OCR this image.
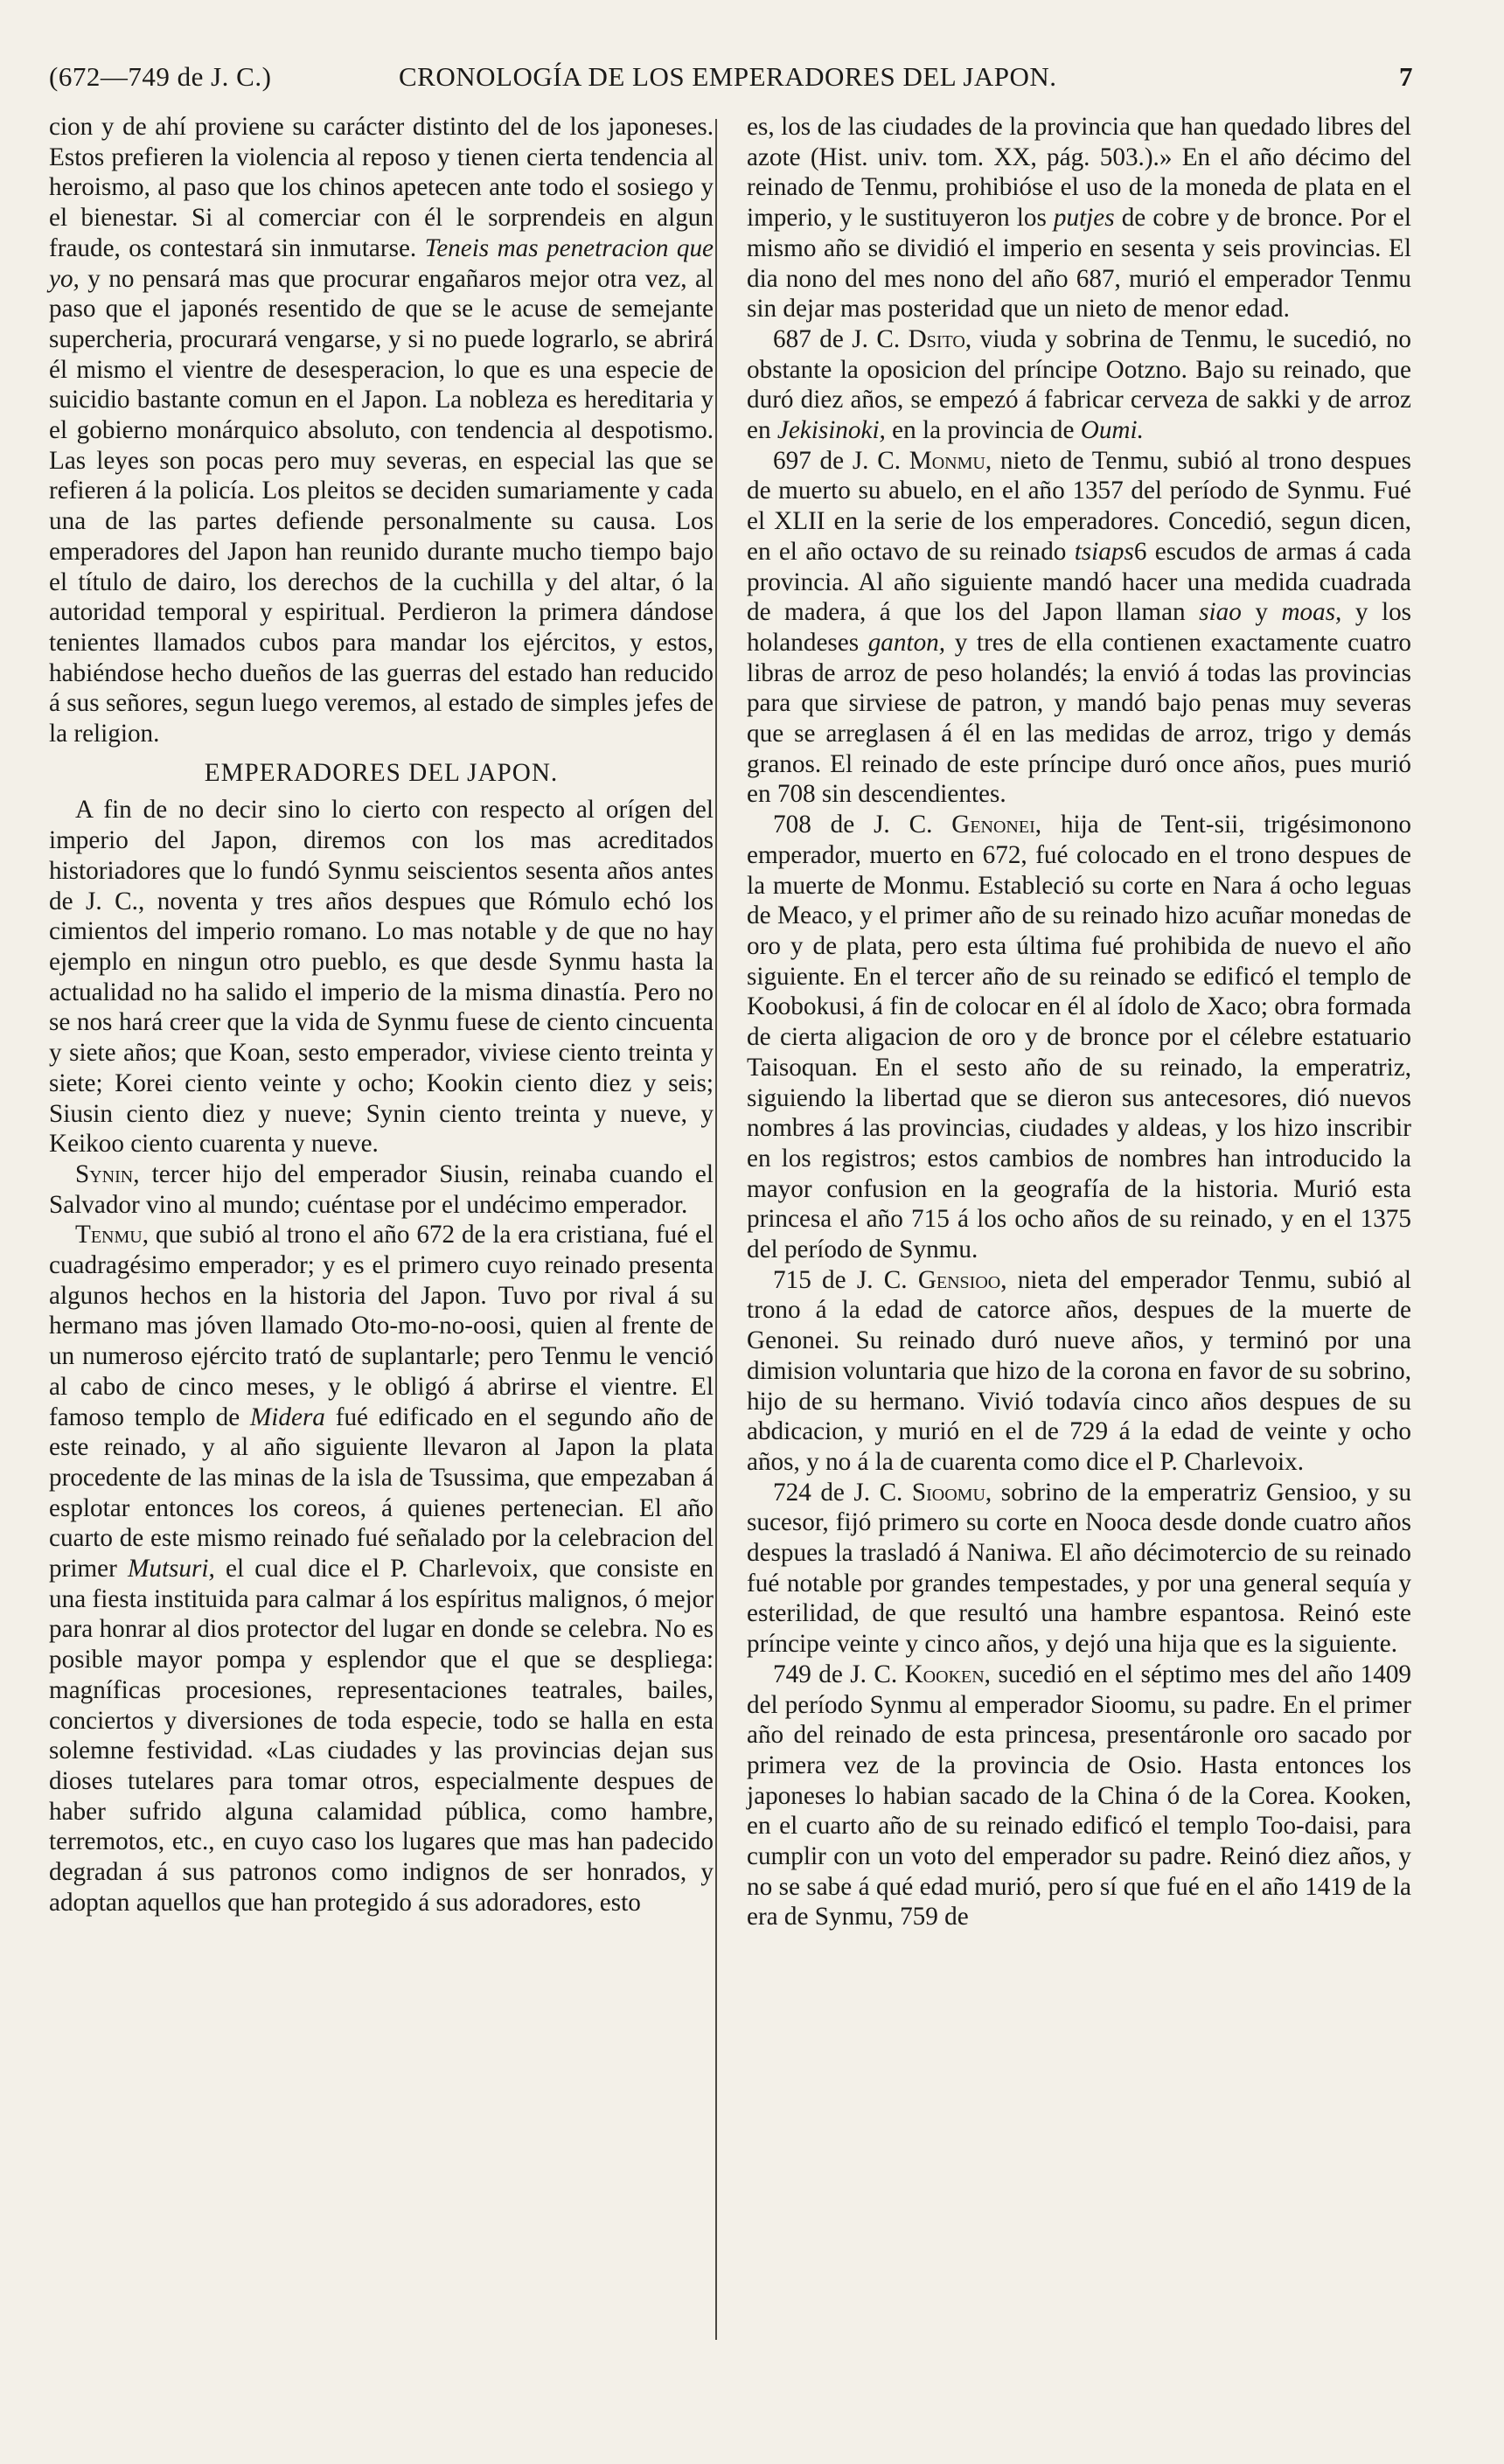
(672—749 de J. C.)	CRONOLOGÍA DE LOS EMPERADORES DEL JAPON.	7

cion y de ahí proviene su carácter distinto del de los japoneses. Estos prefieren la violencia al reposo y tienen cierta tendencia al heroismo, al paso que los chinos apetecen ante todo el sosiego y el bienestar. Si al comerciar con él le sorprendeis en algun fraude, os contestará sin inmutarse. Teneis mas penetracion que yo, y no pensará mas que procurar engañaros mejor otra vez, al paso que el japonés resentido de que se le acuse de semejante supercheria, procurará vengarse, y si no puede lograrlo, se abrirá él mismo el vientre de desesperacion, lo que es una especie de suicidio bastante comun en el Japon. La nobleza es hereditaria y el gobierno monárquico absoluto, con tendencia al despotismo. Las leyes son pocas pero muy severas, en especial las que se refieren á la policía. Los pleitos se deciden sumariamente y cada una de las partes defiende personalmente su causa. Los emperadores del Japon han reunido durante mucho tiempo bajo el título de dairo, los derechos de la cuchilla y del altar, ó la autoridad temporal y espiritual. Perdieron la primera dándose tenientes llamados cubos para mandar los ejércitos, y estos, habiéndose hecho dueños de las guerras del estado han reducido á sus señores, segun luego veremos, al estado de simples jefes de la religion.

EMPERADORES DEL JAPON.

A fin de no decir sino lo cierto con respecto al orígen del imperio del Japon, diremos con los mas acreditados historiadores que lo fundó Synmu seiscientos sesenta años antes de J. C., noventa y tres años despues que Rómulo echó los cimientos del imperio romano. Lo mas notable y de que no hay ejemplo en ningun otro pueblo, es que desde Synmu hasta la actualidad no ha salido el imperio de la misma dinastía. Pero no se nos hará creer que la vida de Synmu fuese de ciento cincuenta y siete años; que Koan, sesto emperador, viviese ciento treinta y siete; Korei ciento veinte y ocho; Kookin ciento diez y seis; Siusin ciento diez y nueve; Synin ciento treinta y nueve, y Keikoo ciento cuarenta y nueve.

Synin, tercer hijo del emperador Siusin, reinaba cuando el Salvador vino al mundo; cuéntase por el undécimo emperador.

Tenmu, que subió al trono el año 672 de la era cristiana, fué el cuadragésimo emperador; y es el primero cuyo reinado presenta algunos hechos en la historia del Japon. Tuvo por rival á su hermano mas jóven llamado Oto-mo-no-oosi, quien al frente de un numeroso ejército trató de suplantarle; pero Tenmu le venció al cabo de cinco meses, y le obligó á abrirse el vientre. El famoso templo de Midera fué edificado en el segundo año de este reinado, y al año siguiente llevaron al Japon la plata procedente de las minas de la isla de Tsussima, que empezaban á esplotar entonces los coreos, á quienes pertenecian. El año cuarto de este mismo reinado fué señalado por la celebracion del primer Mutsuri, el cual dice el P. Charlevoix, que consiste en una fiesta instituida para calmar á los espíritus malignos, ó mejor para honrar al dios protector del lugar en donde se celebra. No es posible mayor pompa y esplendor que el que se despliega: magníficas procesiones, representaciones teatrales, bailes, conciertos y diversiones de toda especie, todo se halla en esta solemne festividad. «Las ciudades y las provincias dejan sus dioses tutelares para tomar otros, especialmente despues de haber sufrido alguna calamidad pública, como hambre, terremotos, etc., en cuyo caso los lugares que mas han padecido degradan á sus patronos como indignos de ser honrados, y adoptan aquellos que han protegido á sus adoradores, esto

es, los de las ciudades de la provincia que han quedado libres del azote (Hist. univ. tom. XX, pág. 503.).» En el año décimo del reinado de Tenmu, prohibióse el uso de la moneda de plata en el imperio, y le sustituyeron los putjes de cobre y de bronce. Por el mismo año se dividió el imperio en sesenta y seis provincias. El dia nono del mes nono del año 687, murió el emperador Tenmu sin dejar mas posteridad que un nieto de menor edad.

687 de J. C. Dsito, viuda y sobrina de Tenmu, le sucedió, no obstante la oposicion del príncipe Ootzno. Bajo su reinado, que duró diez años, se empezó á fabricar cerveza de sakki y de arroz en Jekisinoki, en la provincia de Oumi.

697 de J. C. Monmu, nieto de Tenmu, subió al trono despues de muerto su abuelo, en el año 1357 del período de Synmu. Fué el XLII en la serie de los emperadores. Concedió, segun dicen, en el año octavo de su reinado tsiaps6 escudos de armas á cada provincia. Al año siguiente mandó hacer una medida cuadrada de madera, á que los del Japon llaman siao y moas, y los holandeses ganton, y tres de ella contienen exactamente cuatro libras de arroz de peso holandés; la envió á todas las provincias para que sirviese de patron, y mandó bajo penas muy severas que se arreglasen á él en las medidas de arroz, trigo y demás granos. El reinado de este príncipe duró once años, pues murió en 708 sin descendientes.

708 de J. C. Genonei, hija de Tent-sii, trigésimonono emperador, muerto en 672, fué colocado en el trono despues de la muerte de Monmu. Estableció su corte en Nara á ocho leguas de Meaco, y el primer año de su reinado hizo acuñar monedas de oro y de plata, pero esta última fué prohibida de nuevo el año siguiente. En el tercer año de su reinado se edificó el templo de Koobokusi, á fin de colocar en él al ídolo de Xaco; obra formada de cierta aligacion de oro y de bronce por el célebre estatuario Taisoquan. En el sesto año de su reinado, la emperatriz, siguiendo la libertad que se dieron sus antecesores, dió nuevos nombres á las provincias, ciudades y aldeas, y los hizo inscribir en los registros; estos cambios de nombres han introducido la mayor confusion en la geografía de la historia. Murió esta princesa el año 715 á los ocho años de su reinado, y en el 1375 del período de Synmu.

715 de J. C. Gensioo, nieta del emperador Tenmu, subió al trono á la edad de catorce años, despues de la muerte de Genonei. Su reinado duró nueve años, y terminó por una dimision voluntaria que hizo de la corona en favor de su sobrino, hijo de su hermano. Vivió todavía cinco años despues de su abdicacion, y murió en el de 729 á la edad de veinte y ocho años, y no á la de cuarenta como dice el P. Charlevoix.

724 de J. C. Sioomu, sobrino de la emperatriz Gensioo, y su sucesor, fijó primero su corte en Nooca desde donde cuatro años despues la trasladó á Naniwa. El año décimotercio de su reinado fué notable por grandes tempestades, y por una general sequía y esterilidad, de que resultó una hambre espantosa. Reinó este príncipe veinte y cinco años, y dejó una hija que es la siguiente.

749 de J. C. Kooken, sucedió en el séptimo mes del año 1409 del período Synmu al emperador Sioomu, su padre. En el primer año del reinado de esta princesa, presentáronle oro sacado por primera vez de la provincia de Osio. Hasta entonces los japoneses lo habian sacado de la China ó de la Corea. Kooken, en el cuarto año de su reinado edificó el templo Too-daisi, para cumplir con un voto del emperador su padre. Reinó diez años, y no se sabe á qué edad murió, pero sí que fué en el año 1419 de la era de Synmu, 759 de
